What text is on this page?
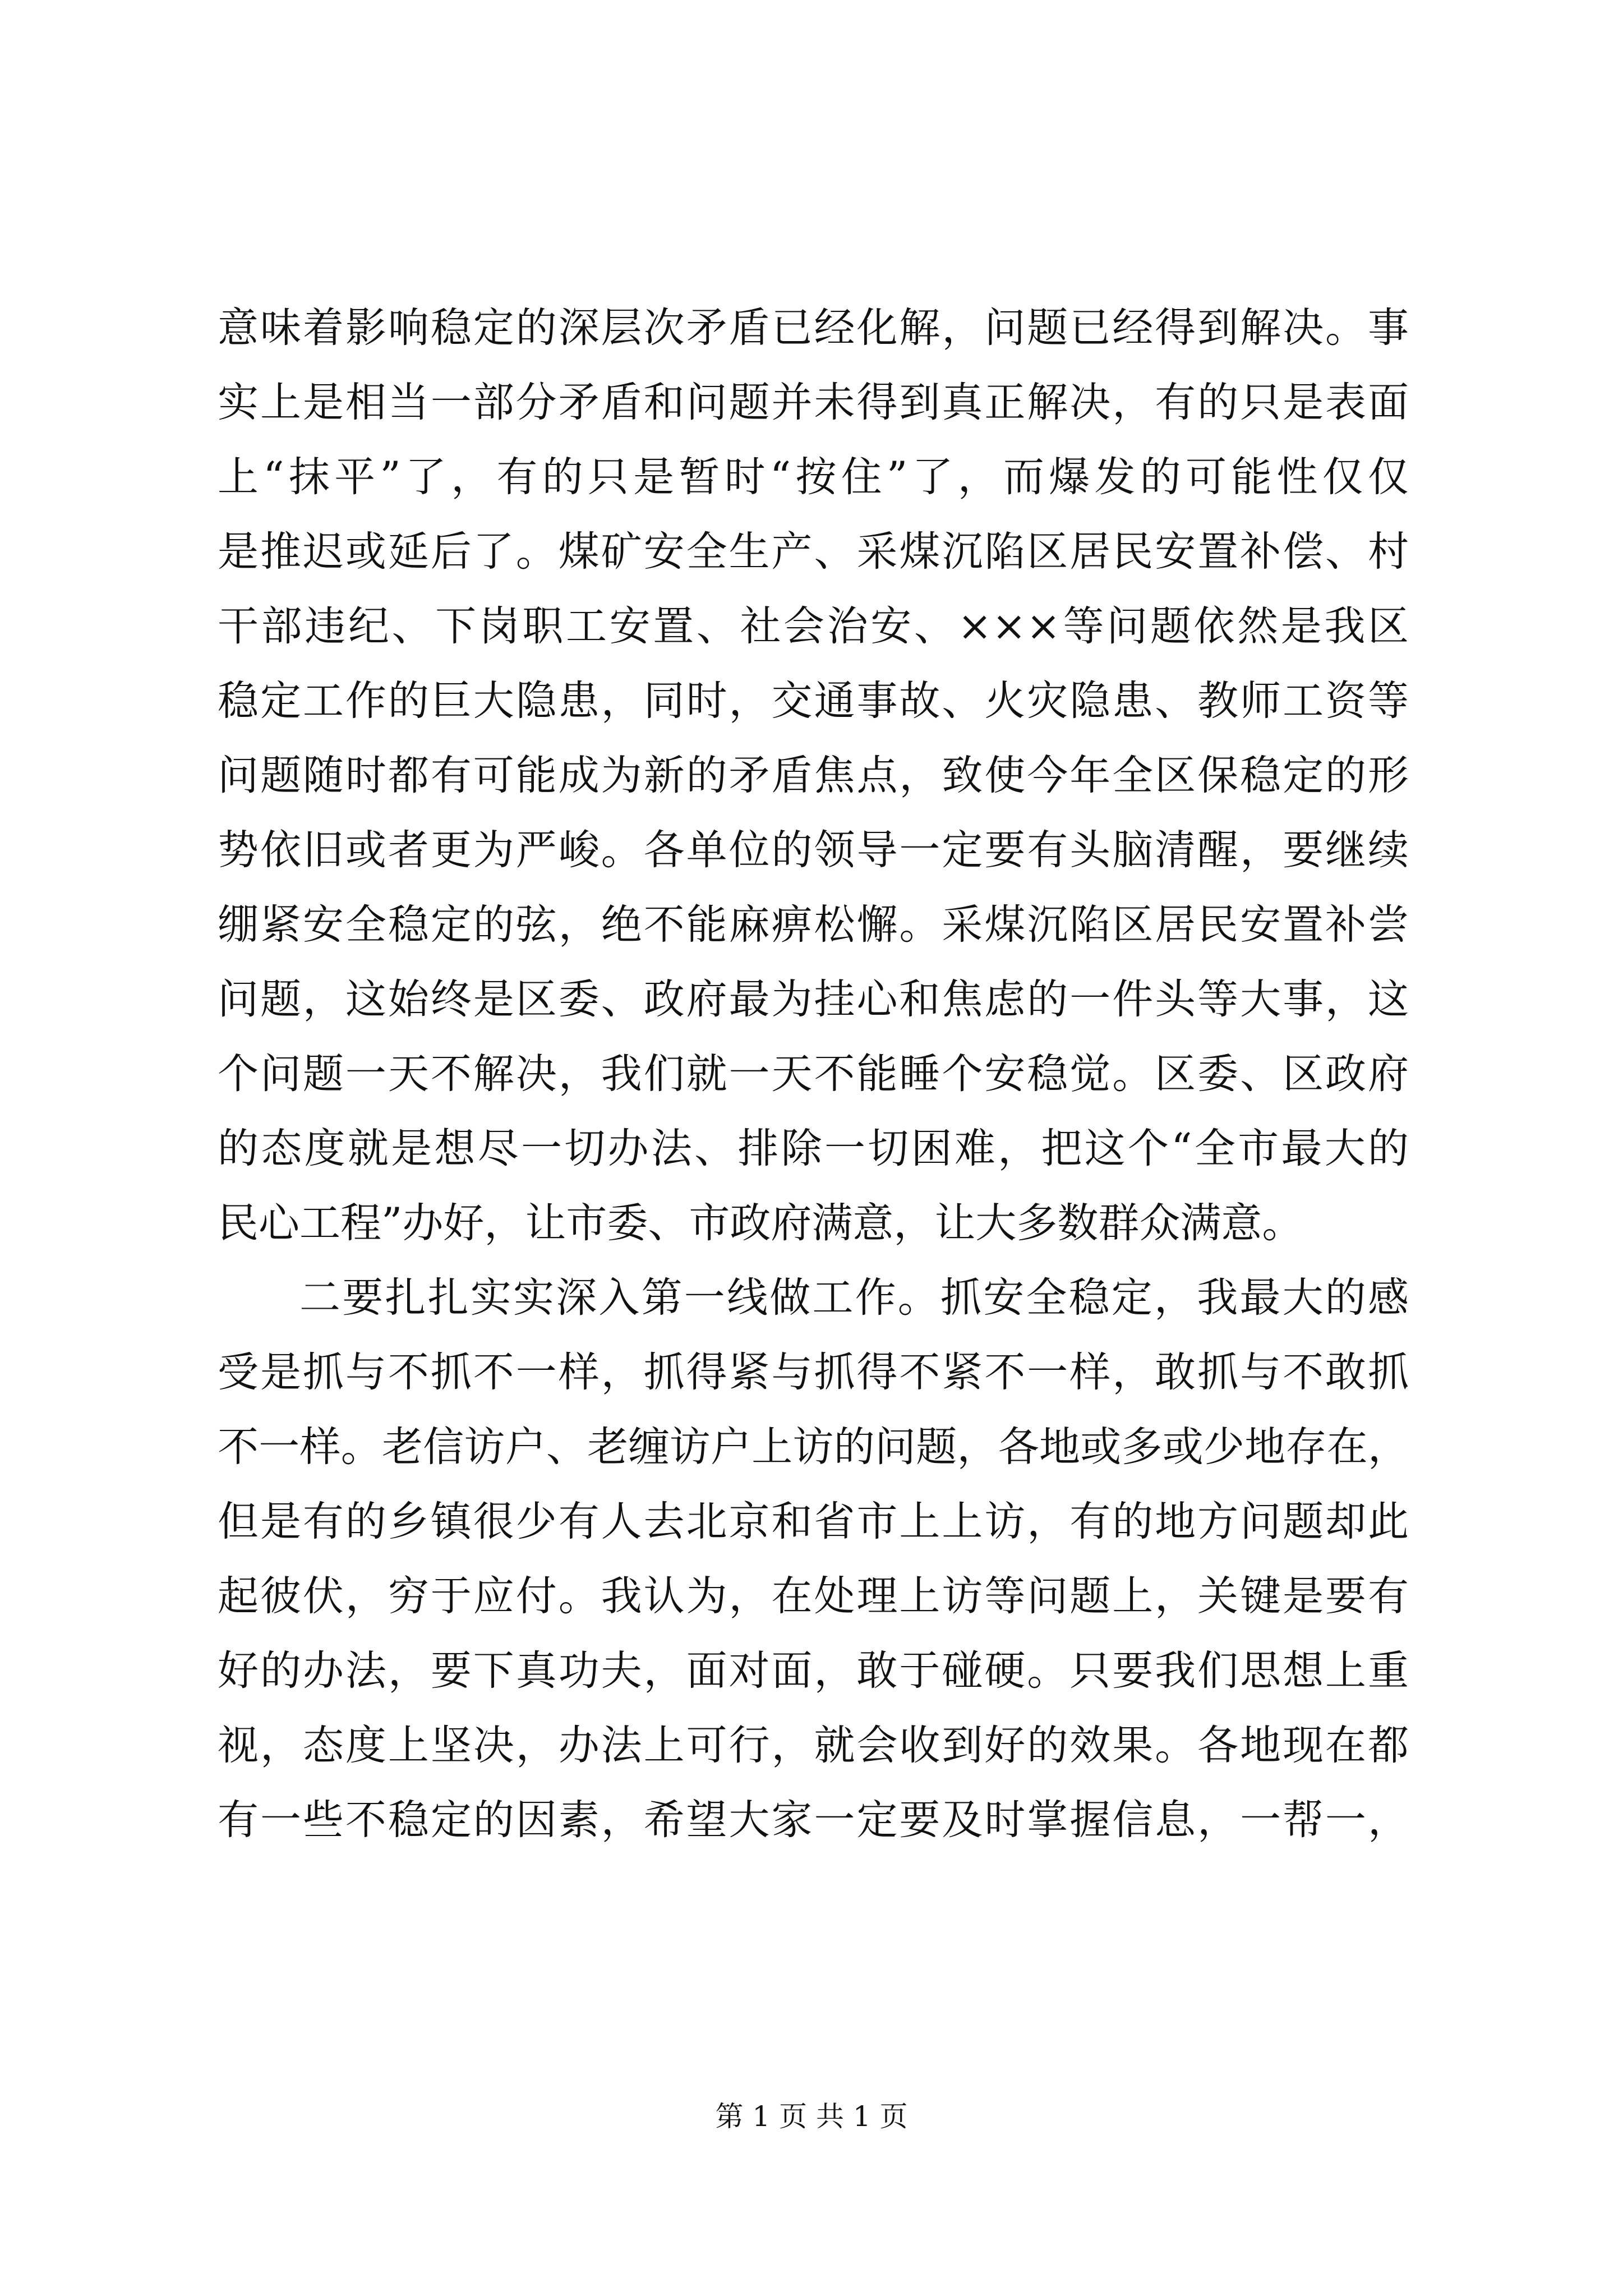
意味着影响稳定的深层次矛盾已经化解，问题已经得到解决。事
实上是相当一部分矛盾和问题并未得到真正解决，有的只是表面
上“抹平”了，有的只是暂时“按住”了，而爆发的可能性仅仅
是推迟或延后了。煤矿安全生产、采煤沉陷区居民安置补偿、村
干部违纪、下岗职工安置、社会治安、×××等问题依然是我区
稳定工作的巨大隐患，同时，交通事故、火灾隐患、教师工资等
问题随时都有可能成为新的矛盾焦点，致使今年全区保稳定的形
势依旧或者更为严峻。各单位的领导一定要有头脑清醒，要继续
绷紧安全稳定的弦，绝不能麻痹松懈。采煤沉陷区居民安置补尝
问题，这始终是区委、政府最为挂心和焦虑的一件头等大事，这
个问题一天不解决，我们就一天不能睡个安稳觉。区委、区政府
的态度就是想尽一切办法、排除一切困难，把这个“全市最大的
民心工程”办好，让市委、市政府满意，让大多数群众满意。
二要扎扎实实深入第一线做工作。抓安全稳定，我最大的感
受是抓与不抓不一样，抓得紧与抓得不紧不一样，敢抓与不敢抓
不一样。老信访户、老缠访户上访的问题，各地或多或少地存在，
但是有的乡镇很少有人去北京和省市上上访，有的地方问题却此
起彼伏，穷于应付。我认为，在处理上访等问题上，关键是要有
好的办法，要下真功夫，面对面，敢于碰硬。只要我们思想上重
视，态度上坚决，办法上可行，就会收到好的效果。各地现在都
有一些不稳定的因素，希望大家一定要及时掌握信息，一帮一，
第 1 页 共 1 页
